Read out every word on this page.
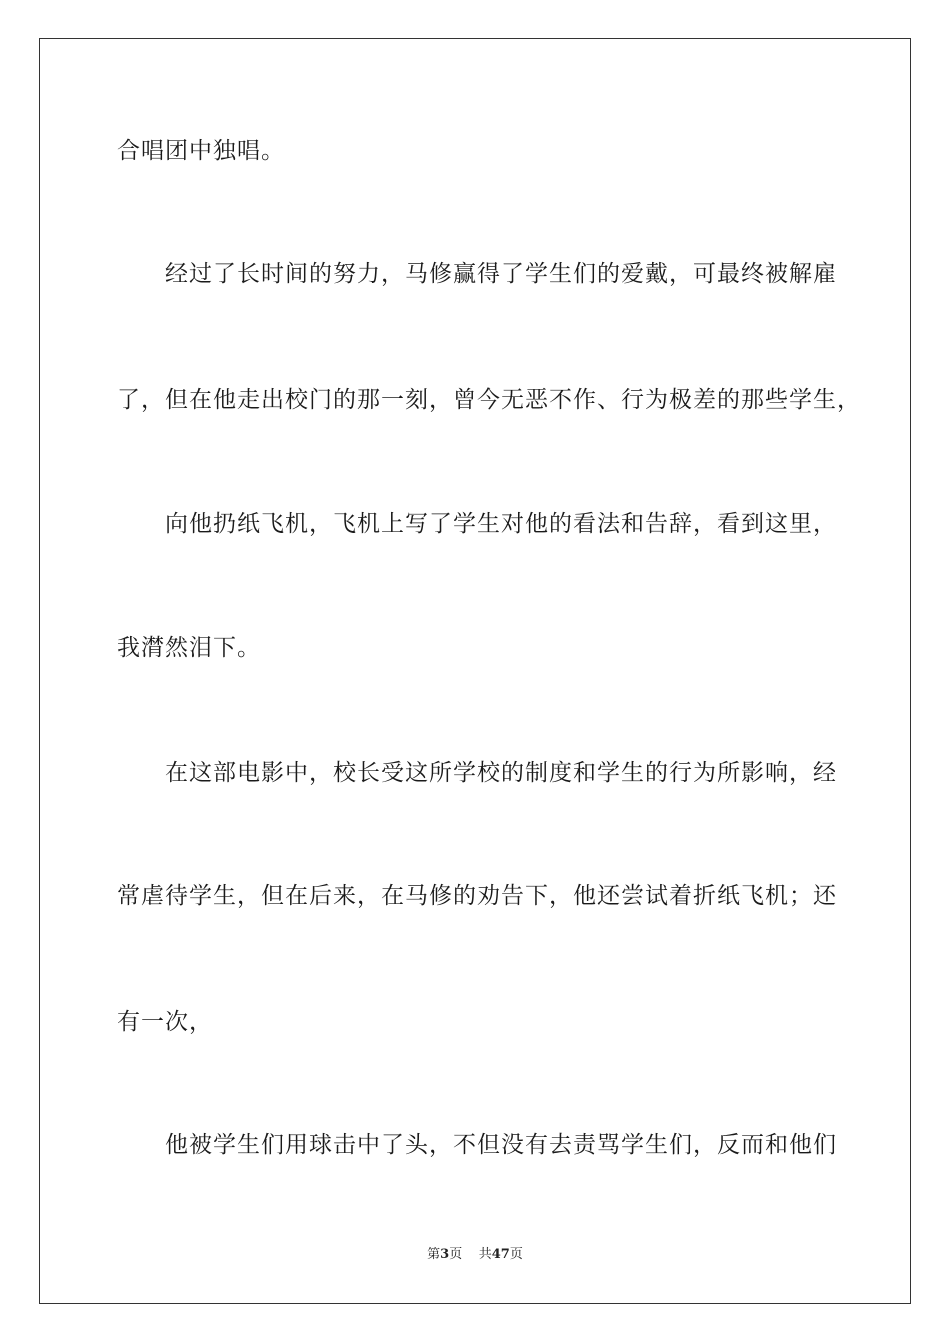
合唱团中独唱。
经过了长时间的努力，马修赢得了学生们的爱戴，可最终被解雇
了，但在他走出校门的那一刻，曾今无恶不作、行为极差的那些学生，
向他扔纸飞机，飞机上写了学生对他的看法和告辞，看到这里，
我潸然泪下。
在这部电影中，校长受这所学校的制度和学生的行为所影响，经
常虐待学生，但在后来，在马修的劝告下，他还尝试着折纸飞机；还
有一次，
他被学生们用球击中了头，不但没有去责骂学生们，反而和他们
第3页 共47页
